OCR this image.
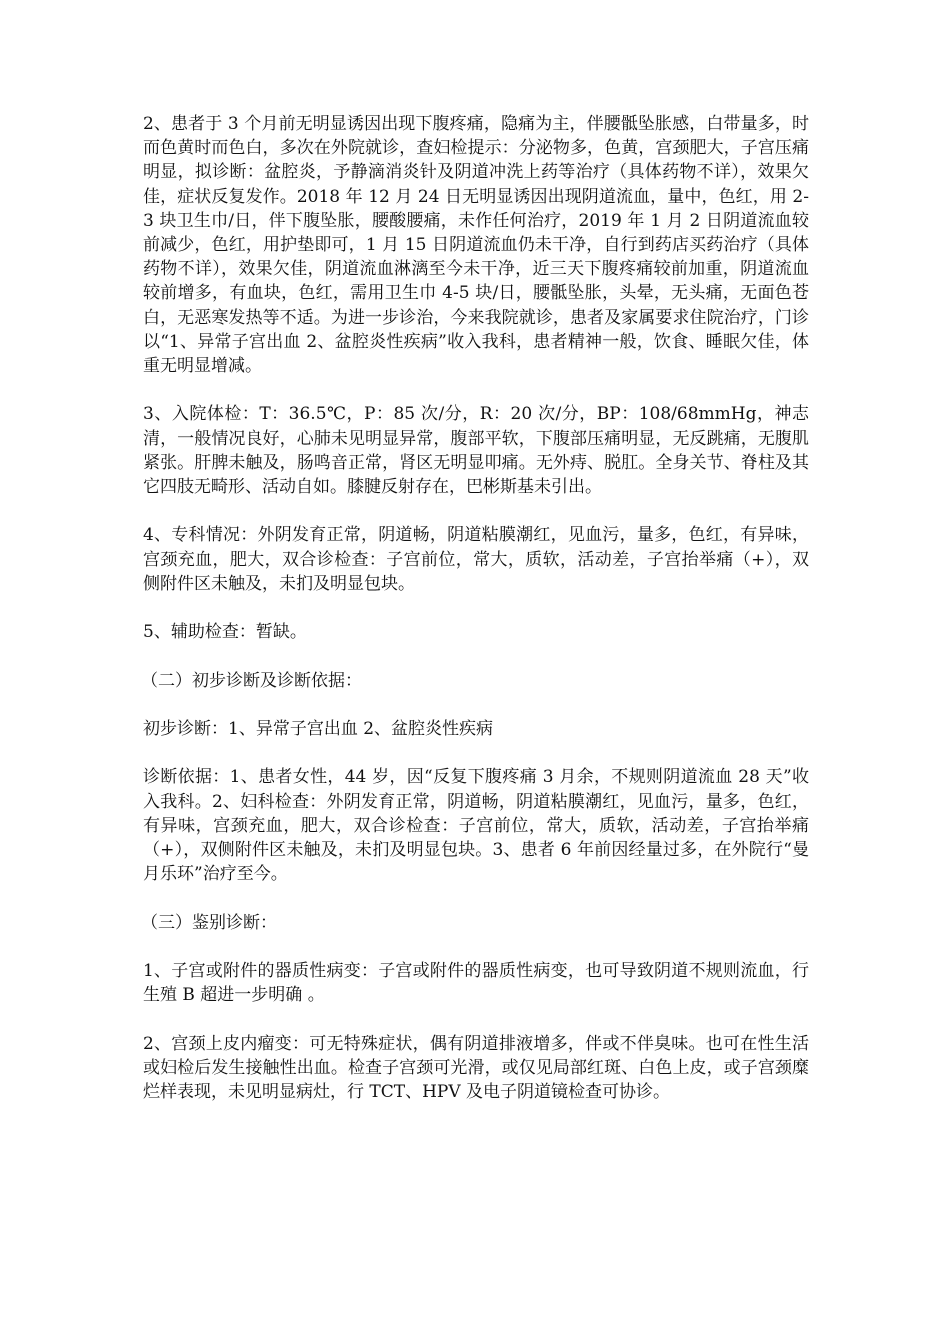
2、患者于 3 个月前无明显诱因出现下腹疼痛，隐痛为主，伴腰骶坠胀感，白带量多，时而色黄时而色白，多次在外院就诊，查妇检提示：分泌物多，色黄，宫颈肥大，子宫压痛明显，拟诊断：盆腔炎，予静滴消炎针及阴道冲洗上药等治疗（具体药物不详），效果欠佳，症状反复发作。2018 年 12 月 24 日无明显诱因出现阴道流血，量中，色红，用 2-3 块卫生巾/日，伴下腹坠胀，腰酸腰痛，未作任何治疗，2019 年 1 月 2 日阴道流血较前减少，色红，用护垫即可，1 月 15 日阴道流血仍未干净，自行到药店买药治疗（具体药物不详），效果欠佳，阴道流血淋漓至今未干净，近三天下腹疼痛较前加重，阴道流血较前增多，有血块，色红，需用卫生巾 4-5 块/日，腰骶坠胀，头晕，无头痛，无面色苍白，无恶寒发热等不适。为进一步诊治，今来我院就诊，患者及家属要求住院治疗，门诊以“1、异常子宫出血 2、盆腔炎性疾病”收入我科，患者精神一般，饮食、睡眠欠佳，体重无明显增减。

3、入院体检：T：36.5℃，P：85 次/分，R：20 次/分，BP：108/68mmHg，神志清，一般情况良好，心肺未见明显异常，腹部平软，下腹部压痛明显，无反跳痛，无腹肌紧张。肝脾未触及，肠鸣音正常，肾区无明显叩痛。无外痔、脱肛。全身关节、脊柱及其它四肢无畸形、活动自如。膝腱反射存在，巴彬斯基未引出。

4、专科情况：外阴发育正常，阴道畅，阴道粘膜潮红，见血污，量多，色红，有异味，宫颈充血，肥大，双合诊检查：子宫前位，常大，质软，活动差，子宫抬举痛（+），双侧附件区未触及，未扪及明显包块。

5、辅助检查：暂缺。

（二）初步诊断及诊断依据：

初步诊断：1、异常子宫出血 2、盆腔炎性疾病

诊断依据：1、患者女性，44 岁，因“反复下腹疼痛 3 月余，不规则阴道流血 28 天”收入我科。2、妇科检查：外阴发育正常，阴道畅，阴道粘膜潮红，见血污，量多，色红，有异味，宫颈充血，肥大，双合诊检查：子宫前位，常大，质软，活动差，子宫抬举痛（+），双侧附件区未触及，未扪及明显包块。3、患者 6 年前因经量过多，在外院行“曼月乐环”治疗至今。

（三）鉴别诊断：

1、子宫或附件的器质性病变：子宫或附件的器质性病变，也可导致阴道不规则流血，行生殖 B 超进一步明确 。

2、宫颈上皮内瘤变：可无特殊症状，偶有阴道排液增多，伴或不伴臭味。也可在性生活或妇检后发生接触性出血。检查子宫颈可光滑，或仅见局部红斑、白色上皮，或子宫颈糜烂样表现，未见明显病灶，行 TCT、HPV 及电子阴道镜检查可协诊。
